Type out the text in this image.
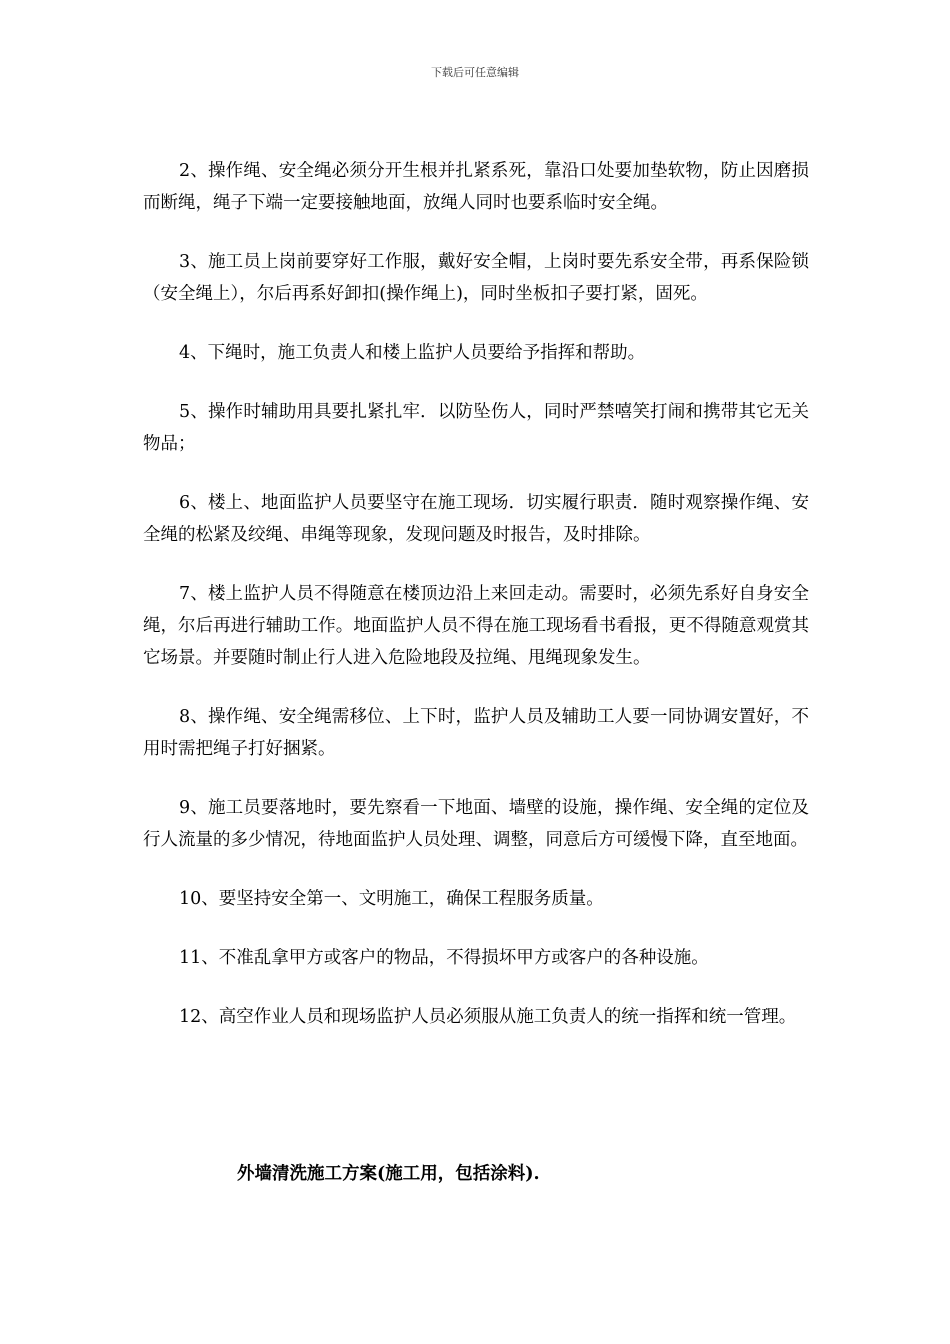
下载后可任意编辑

2、操作绳、安全绳必须分开生根并扎紧系死，靠沿口处要加垫软物，防止因磨损而断绳，绳子下端一定要接触地面，放绳人同时也要系临时安全绳。

3、施工员上岗前要穿好工作服，戴好安全帽，上岗时要先系安全带，再系保险锁（安全绳上），尔后再系好卸扣(操作绳上)，同时坐板扣子要打紧，固死。

4、下绳时，施工负责人和楼上监护人员要给予指挥和帮助。

5、操作时辅助用具要扎紧扎牢．以防坠伤人，同时严禁嘻笑打闹和携带其它无关物品；

6、楼上、地面监护人员要坚守在施工现场．切实履行职责．随时观察操作绳、安全绳的松紧及绞绳、串绳等现象，发现问题及时报告，及时排除。

7、楼上监护人员不得随意在楼顶边沿上来回走动。需要时，必须先系好自身安全绳，尔后再进行辅助工作。地面监护人员不得在施工现场看书看报，更不得随意观赏其它场景。并要随时制止行人进入危险地段及拉绳、甩绳现象发生。

8、操作绳、安全绳需移位、上下时，监护人员及辅助工人要一同协调安置好，不用时需把绳子打好捆紧。

9、施工员要落地时，要先察看一下地面、墙壁的设施，操作绳、安全绳的定位及行人流量的多少情况，待地面监护人员处理、调整，同意后方可缓慢下降，直至地面。

10、要坚持安全第一、文明施工，确保工程服务质量。

11、不准乱拿甲方或客户的物品，不得损坏甲方或客户的各种设施。

12、高空作业人员和现场监护人员必须服从施工负责人的统一指挥和统一管理。

外墙清洗施工方案(施工用，包括涂料).
